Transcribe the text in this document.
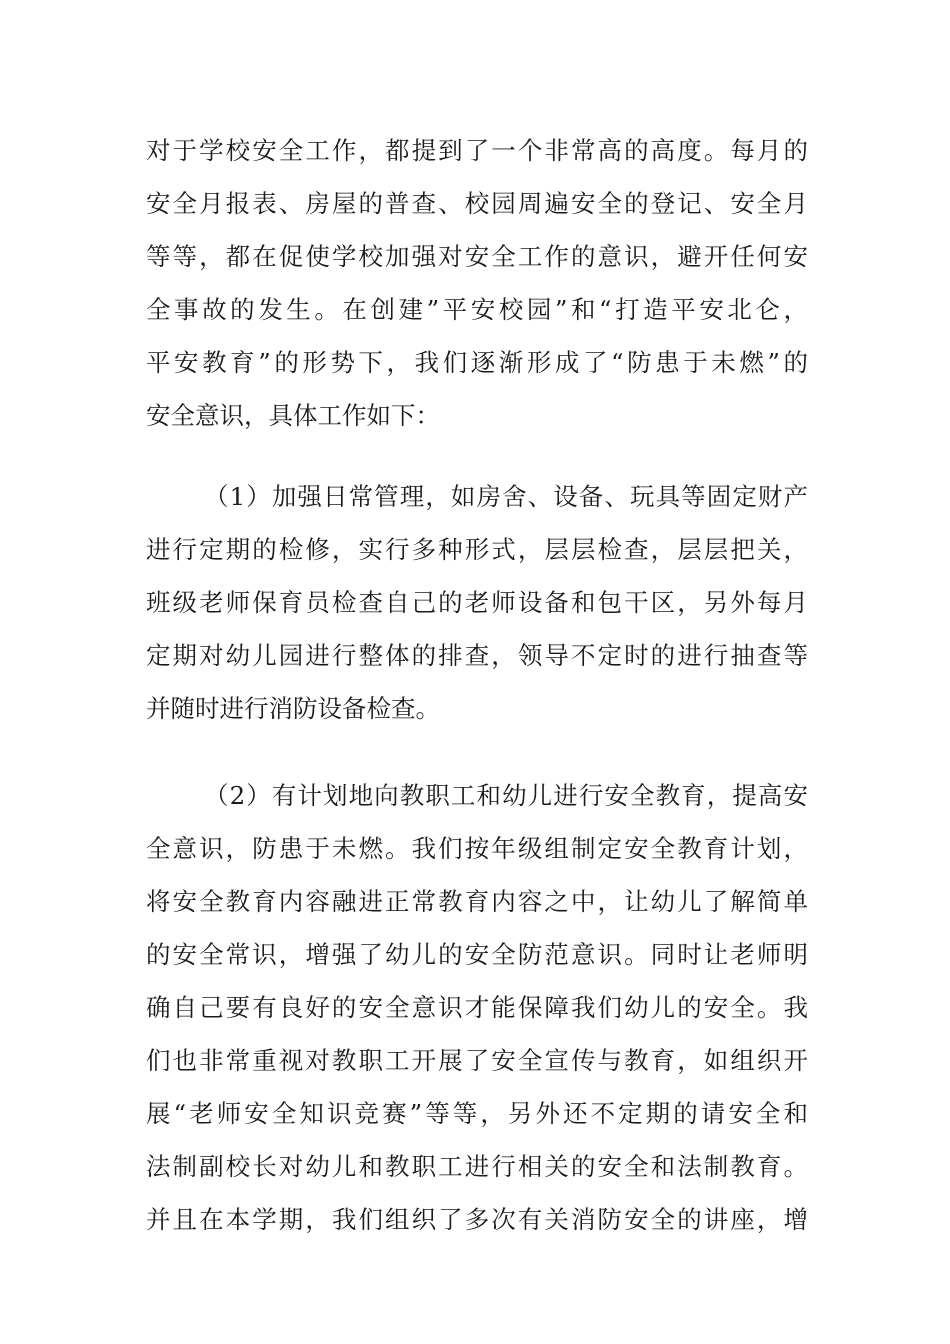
对于学校安全工作，都提到了一个非常高的高度。每月的
安全月报表、房屋的普查、校园周遍安全的登记、安全月
等等，都在促使学校加强对安全工作的意识，避开任何安
全事故的发生。在创建”平安校园”和“打造平安北仑，
平安教育”的形势下，我们逐渐形成了“防患于未燃”的
安全意识，具体工作如下：
（1）加强日常管理，如房舍、设备、玩具等固定财产
进行定期的检修，实行多种形式，层层检查，层层把关，
班级老师保育员检查自己的老师设备和包干区，另外每月
定期对幼儿园进行整体的排查，领导不定时的进行抽查等
并随时进行消防设备检查。
（2）有计划地向教职工和幼儿进行安全教育，提高安
全意识，防患于未燃。我们按年级组制定安全教育计划，
将安全教育内容融进正常教育内容之中，让幼儿了解简单
的安全常识，增强了幼儿的安全防范意识。同时让老师明
确自己要有良好的安全意识才能保障我们幼儿的安全。我
们也非常重视对教职工开展了安全宣传与教育，如组织开
展“老师安全知识竞赛”等等，另外还不定期的请安全和
法制副校长对幼儿和教职工进行相关的安全和法制教育。
并且在本学期，我们组织了多次有关消防安全的讲座，增
